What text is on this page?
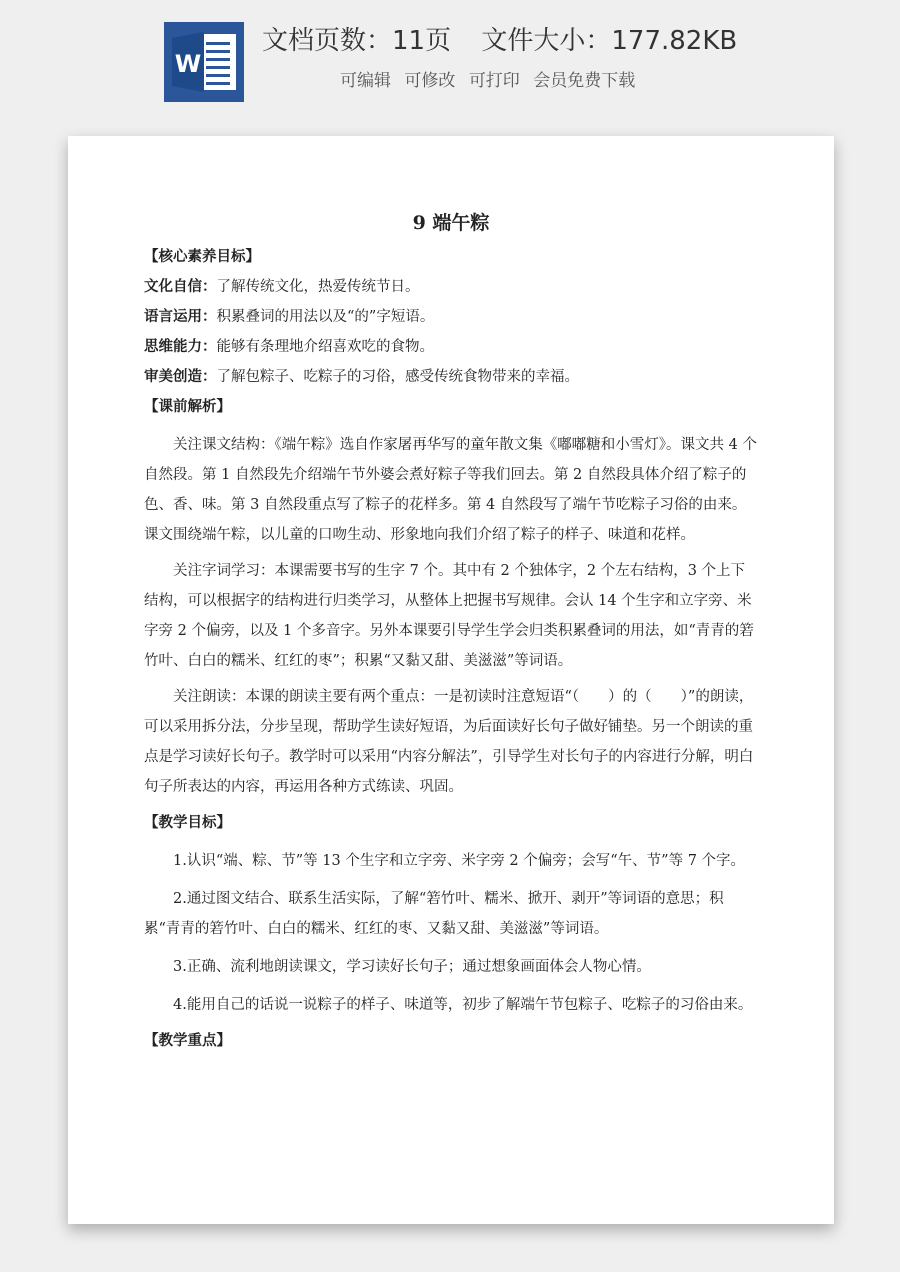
W
文档页数：11页 文件大小：177.82KB
可编辑 可修改 可打印 会员免费下载
9 端午粽
【核心素养目标】
文化自信：了解传统文化，热爱传统节日。
语言运用：积累叠词的用法以及“的”字短语。
思维能力：能够有条理地介绍喜欢吃的食物。
审美创造：了解包粽子、吃粽子的习俗，感受传统食物带来的幸福。
【课前解析】
关注课文结构：《端午粽》选自作家屠再华写的童年散文集《嘟嘟糖和小雪灯》。课文共 4 个自然段。第 1 自然段先介绍端午节外婆会煮好粽子等我们回去。第 2 自然段具体介绍了粽子的色、香、味。第 3 自然段重点写了粽子的花样多。第 4 自然段写了端午节吃粽子习俗的由来。课文围绕端午粽，以儿童的口吻生动、形象地向我们介绍了粽子的样子、味道和花样。
关注字词学习：本课需要书写的生字 7 个。其中有 2 个独体字，2 个左右结构，3 个上下结构，可以根据字的结构进行归类学习，从整体上把握书写规律。会认 14 个生字和立字旁、米字旁 2 个偏旁，以及 1 个多音字。另外本课要引导学生学会归类积累叠词的用法，如“青青的箬竹叶、白白的糯米、红红的枣”；积累“又黏又甜、美滋滋”等词语。
关注朗读：本课的朗读主要有两个重点：一是初读时注意短语“（　　）的（　　）”的朗读，可以采用拆分法，分步呈现，帮助学生读好短语，为后面读好长句子做好铺垫。另一个朗读的重点是学习读好长句子。教学时可以采用“内容分解法”，引导学生对长句子的内容进行分解，明白句子所表达的内容，再运用各种方式练读、巩固。
【教学目标】
1.认识“端、粽、节”等 13 个生字和立字旁、米字旁 2 个偏旁；会写“午、节”等 7 个字。
2.通过图文结合、联系生活实际，了解“箬竹叶、糯米、掀开、剥开”等词语的意思；积累“青青的箬竹叶、白白的糯米、红红的枣、又黏又甜、美滋滋”等词语。
3.正确、流利地朗读课文，学习读好长句子；通过想象画面体会人物心情。
4.能用自己的话说一说粽子的样子、味道等，初步了解端午节包粽子、吃粽子的习俗由来。
【教学重点】
